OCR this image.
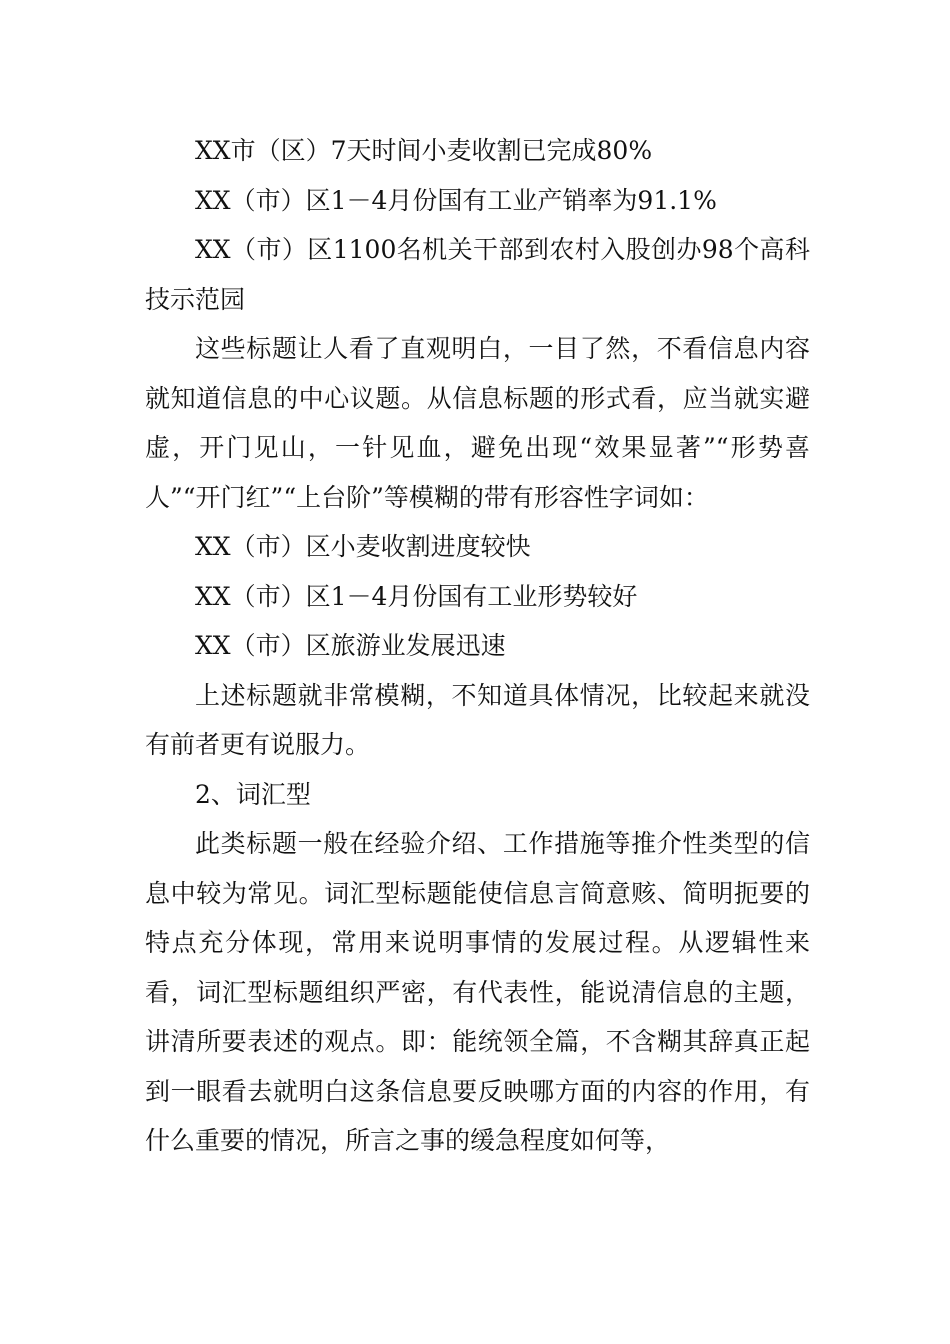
XX市（区）7天时间小麦收割已完成80%

XX（市）区1－4月份国有工业产销率为91.1%

XX（市）区1100名机关干部到农村入股创办98个高科技示范园

这些标题让人看了直观明白，一目了然，不看信息内容就知道信息的中心议题。从信息标题的形式看，应当就实避虚，开门见山，一针见血，避免出现“效果显著”“形势喜人”“开门红”“上台阶”等模糊的带有形容性字词如：

XX（市）区小麦收割进度较快

XX（市）区1－4月份国有工业形势较好

XX（市）区旅游业发展迅速

上述标题就非常模糊，不知道具体情况，比较起来就没有前者更有说服力。

2、词汇型

此类标题一般在经验介绍、工作措施等推介性类型的信息中较为常见。词汇型标题能使信息言简意赅、简明扼要的特点充分体现，常用来说明事情的发展过程。从逻辑性来看，词汇型标题组织严密，有代表性，能说清信息的主题，讲清所要表述的观点。即：能统领全篇，不含糊其辞真正起到一眼看去就明白这条信息要反映哪方面的内容的作用，有什么重要的情况，所言之事的缓急程度如何等，
